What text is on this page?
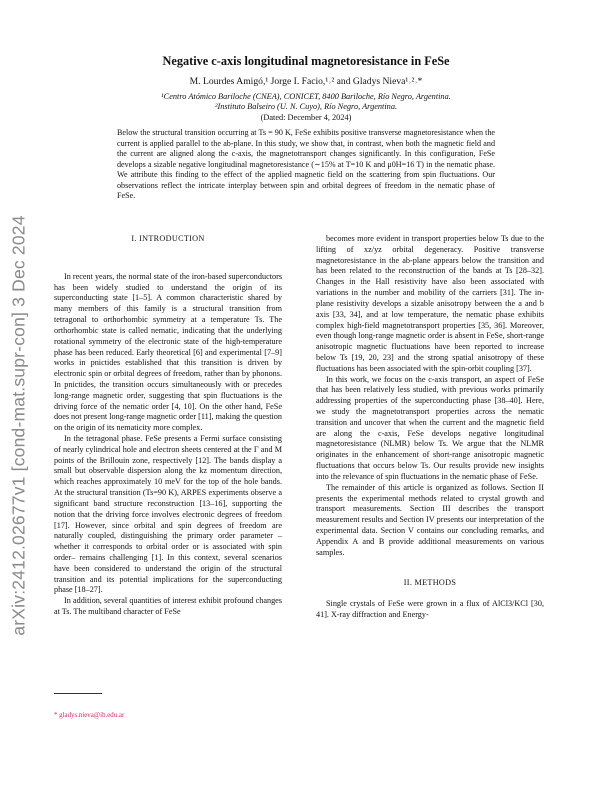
arXiv:2412.02677v1 [cond-mat.supr-con] 3 Dec 2024
Negative c-axis longitudinal magnetoresistance in FeSe
M. Lourdes Amigó,¹ Jorge I. Facio,¹˒² and Gladys Nieva¹˒²˒*
¹Centro Atómico Bariloche (CNEA), CONICET, 8400 Bariloche, Río Negro, Argentina.
²Instituto Balseiro (U. N. Cuyo), Río Negro, Argentina.
(Dated: December 4, 2024)

Below the structural transition occurring at Ts = 90 K, FeSe exhibits positive transverse magnetoresistance when the current is applied parallel to the ab-plane. In this study, we show that, in contrast, when both the magnetic field and the current are aligned along the c-axis, the magnetotransport changes significantly. In this configuration, FeSe develops a sizable negative longitudinal magnetoresistance (∼15% at T=10 K and μ0H=16 T) in the nematic phase. We attribute this finding to the effect of the applied magnetic field on the scattering from spin fluctuations. Our observations reflect the intricate interplay between spin and orbital degrees of freedom in the nematic phase of FeSe.

I. INTRODUCTION

In recent years, the normal state of the iron-based superconductors has been widely studied to understand the origin of its superconducting state [1–5]. A common characteristic shared by many members of this family is a structural transition from tetragonal to orthorhombic symmetry at a temperature Ts. The orthorhombic state is called nematic, indicating that the underlying rotational symmetry of the electronic state of the high-temperature phase has been reduced. Early theoretical [6] and experimental [7–9] works in pnictides established that this transition is driven by electronic spin or orbital degrees of freedom, rather than by phonons. In pnictides, the transition occurs simultaneously with or precedes long-range magnetic order, suggesting that spin fluctuations is the driving force of the nematic order [4, 10]. On the other hand, FeSe does not present long-range magnetic order [11], making the question on the origin of its nematicity more complex.

In the tetragonal phase. FeSe presents a Fermi surface consisting of nearly cylindrical hole and electron sheets centered at the Γ and M points of the Brillouin zone, respectively [12]. The bands display a small but observable dispersion along the kz momentum direction, which reaches approximately 10 meV for the top of the hole bands. At the structural transition (Ts=90 K), ARPES experiments observe a significant band structure reconstruction [13–16], supporting the notion that the driving force involves electronic degrees of freedom [17]. However, since orbital and spin degrees of freedom are naturally coupled, distinguishing the primary order parameter –whether it corresponds to orbital order or is associated with spin order– remains challenging [1]. In this context, several scenarios have been considered to understand the origin of the structural transition and its potential implications for the superconducting phase [18–27].

In addition, several quantities of interest exhibit profound changes at Ts. The multiband character of FeSe

becomes more evident in transport properties below Ts due to the lifting of xz/yz orbital degeneracy. Positive transverse magnetoresistance in the ab-plane appears below the transition and has been related to the reconstruction of the bands at Ts [28–32]. Changes in the Hall resistivity have also been associated with variations in the number and mobility of the carriers [31]. The in-plane resistivity develops a sizable anisotropy between the a and b axis [33, 34], and at low temperature, the nematic phase exhibits complex high-field magnetotransport properties [35, 36]. Moreover, even though long-range magnetic order is absent in FeSe, short-range anisotropic magnetic fluctuations have been reported to increase below Ts [19, 20, 23] and the strong spatial anisotropy of these fluctuations has been associated with the spin-orbit coupling [37].

In this work, we focus on the c-axis transport, an aspect of FeSe that has been relatively less studied, with previous works primarily addressing properties of the superconducting phase [38–40]. Here, we study the magnetotransport properties across the nematic transition and uncover that when the current and the magnetic field are along the c-axis, FeSe develops negative longitudinal magnetoresistance (NLMR) below Ts. We argue that the NLMR originates in the enhancement of short-range anisotropic magnetic fluctuations that occurs below Ts. Our results provide new insights into the relevance of spin fluctuations in the nematic phase of FeSe.

The remainder of this article is organized as follows. Section II presents the experimental methods related to crystal growth and transport measurements. Section III describes the transport measurement results and Section IV presents our interpretation of the experimental data. Section V contains our concluding remarks, and Appendix A and B provide additional measurements on various samples.

II. METHODS

Single crystals of FeSe were grown in a flux of AlCl3/KCl [30, 41]. X-ray diffraction and Energy-

* gladys.nieva@ib.edu.ar
